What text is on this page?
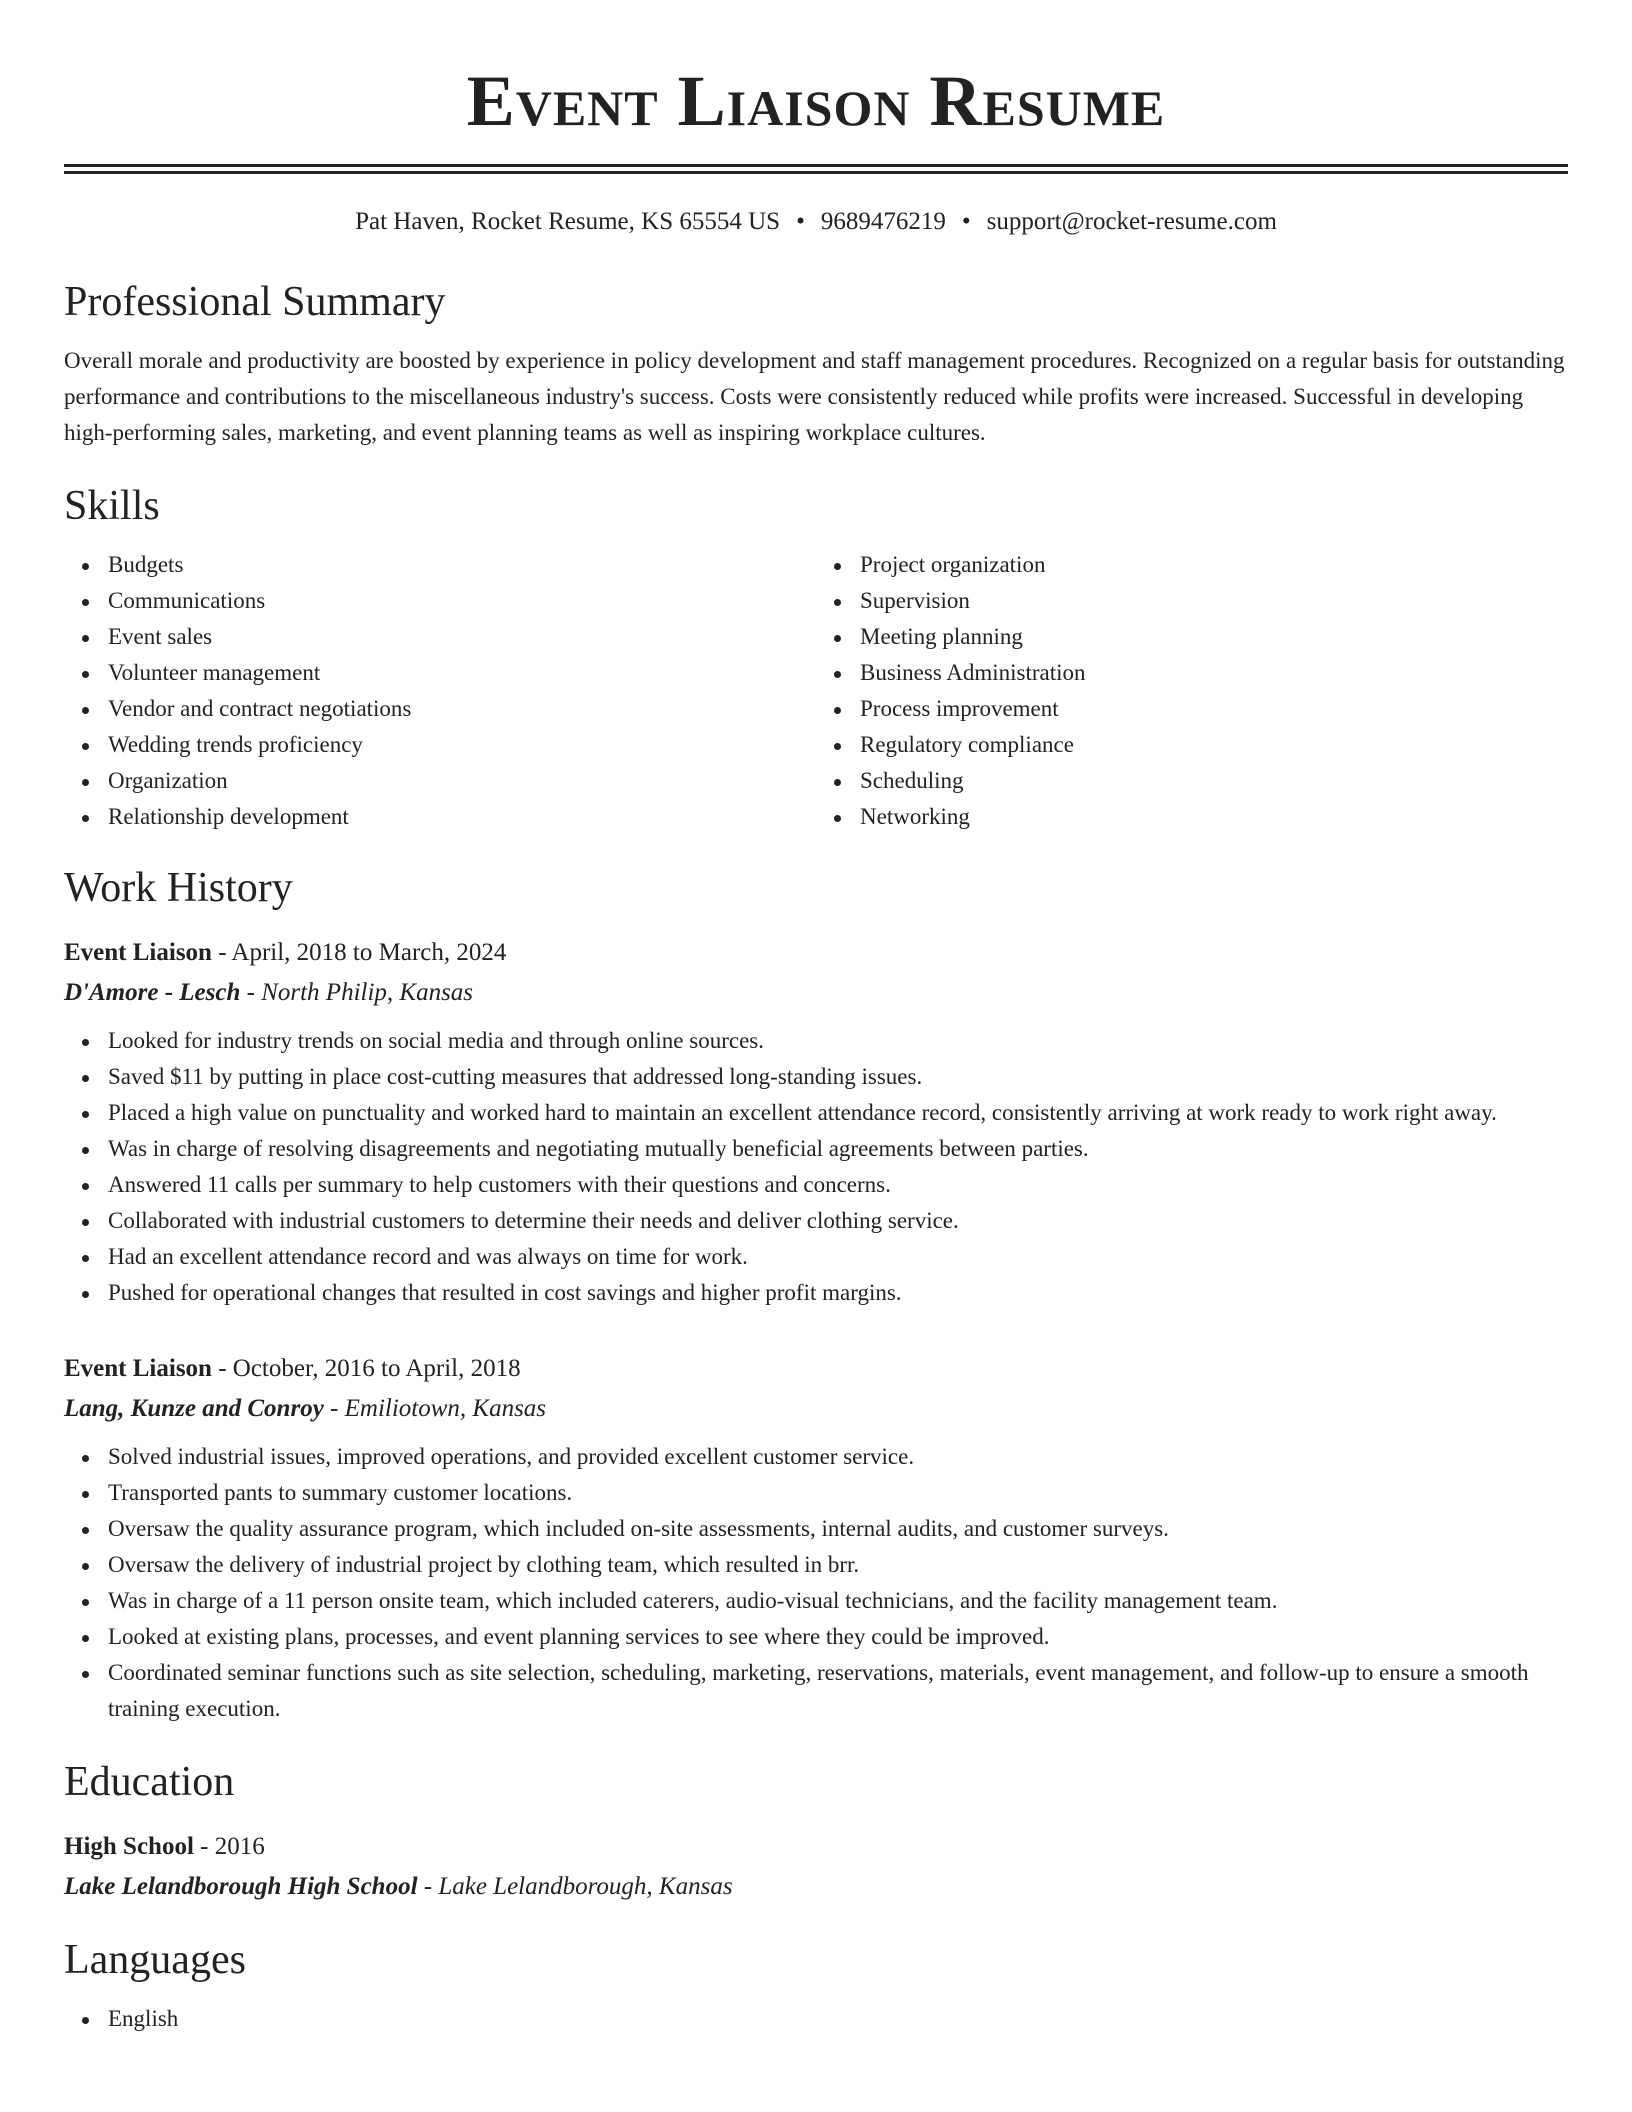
Event Liaison Resume
Pat Haven, Rocket Resume, KS 65554 US • 9689476219 • support@rocket-resume.com
Professional Summary

Overall morale and productivity are boosted by experience in policy development and staff management procedures. Recognized on a regular basis for outstanding performance and contributions to the miscellaneous industry's success. Costs were consistently reduced while profits were increased. Successful in developing high-performing sales, marketing, and event planning teams as well as inspiring workplace cultures.

Skills
Budgets
Communications
Event sales
Volunteer management
Vendor and contract negotiations
Wedding trends proficiency
Organization
Relationship development
Project organization
Supervision
Meeting planning
Business Administration
Process improvement
Regulatory compliance
Scheduling
Networking
Work History
Event Liaison - April, 2018 to March, 2024
D'Amore - Lesch - North Philip, Kansas
Looked for industry trends on social media and through online sources.
Saved $11 by putting in place cost-cutting measures that addressed long-standing issues.
Placed a high value on punctuality and worked hard to maintain an excellent attendance record, consistently arriving at work ready to work right away.
Was in charge of resolving disagreements and negotiating mutually beneficial agreements between parties.
Answered 11 calls per summary to help customers with their questions and concerns.
Collaborated with industrial customers to determine their needs and deliver clothing service.
Had an excellent attendance record and was always on time for work.
Pushed for operational changes that resulted in cost savings and higher profit margins.
Event Liaison - October, 2016 to April, 2018
Lang, Kunze and Conroy - Emiliotown, Kansas
Solved industrial issues, improved operations, and provided excellent customer service.
Transported pants to summary customer locations.
Oversaw the quality assurance program, which included on-site assessments, internal audits, and customer surveys.
Oversaw the delivery of industrial project by clothing team, which resulted in brr.
Was in charge of a 11 person onsite team, which included caterers, audio-visual technicians, and the facility management team.
Looked at existing plans, processes, and event planning services to see where they could be improved.
Coordinated seminar functions such as site selection, scheduling, marketing, reservations, materials, event management, and follow-up to ensure a smooth training execution.
Education
High School - 2016
Lake Lelandborough High School - Lake Lelandborough, Kansas
Languages
English
